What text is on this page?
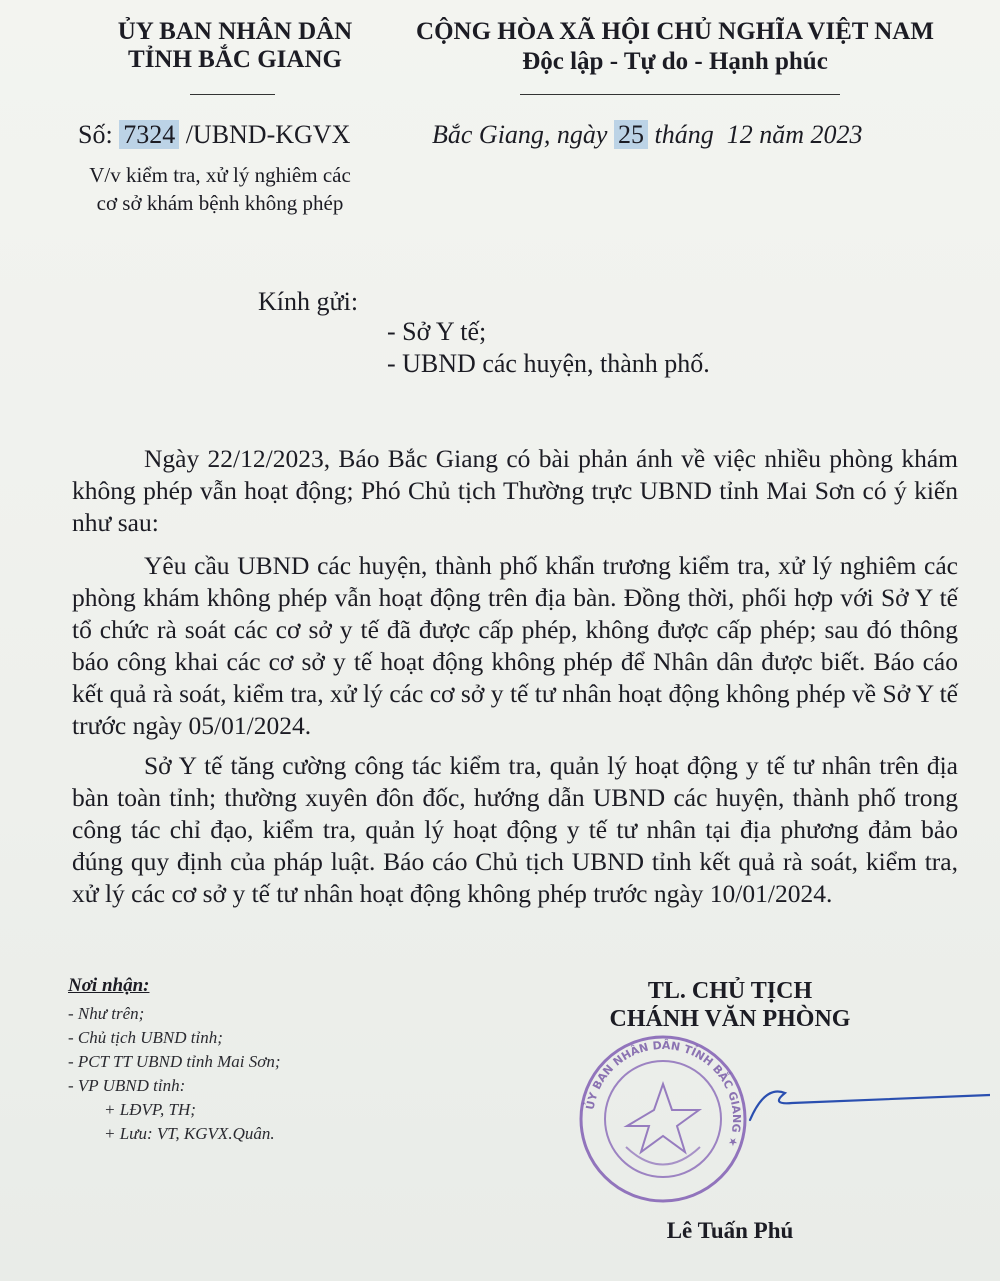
ỦY BAN NHÂN DÂN
TỈNH BẮC GIANG
CỘNG HÒA XÃ HỘI CHỦ NGHĨA VIỆT NAM
Độc lập - Tự do - Hạnh phúc
Số: 7324 /UBND-KGVX	Bắc Giang, ngày 25 tháng  12 năm 2023
V/v kiểm tra, xử lý nghiêm các
cơ sở khám bệnh không phép
Kính gửi:
- Sở Y tế;
- UBND các huyện, thành phố.

Ngày 22/12/2023, Báo Bắc Giang có bài phản ánh về việc nhiều phòng khám không phép vẫn hoạt động; Phó Chủ tịch Thường trực UBND tỉnh Mai Sơn có ý kiến như sau:

Yêu cầu UBND các huyện, thành phố khẩn trương kiểm tra, xử lý nghiêm các phòng khám không phép vẫn hoạt động trên địa bàn. Đồng thời, phối hợp với Sở Y tế tổ chức rà soát các cơ sở y tế đã được cấp phép, không được cấp phép; sau đó thông báo công khai các cơ sở y tế hoạt động không phép để Nhân dân được biết. Báo cáo kết quả rà soát, kiểm tra, xử lý các cơ sở y tế tư nhân hoạt động không phép về Sở Y tế trước ngày 05/01/2024.

Sở Y tế tăng cường công tác kiểm tra, quản lý hoạt động y tế tư nhân trên địa bàn toàn tỉnh; thường xuyên đôn đốc, hướng dẫn UBND các huyện, thành phố trong công tác chỉ đạo, kiểm tra, quản lý hoạt động y tế tư nhân tại địa phương đảm bảo đúng quy định của pháp luật. Báo cáo Chủ tịch UBND tỉnh kết quả rà soát, kiểm tra, xử lý các cơ sở y tế tư nhân hoạt động không phép trước ngày 10/01/2024.

Nơi nhận:
- Như trên;
- Chủ tịch UBND tỉnh;
- PCT TT UBND tỉnh Mai Sơn;
- VP UBND tỉnh:
+ LĐVP, TH;
+ Lưu: VT, KGVX.Quân.
TL. CHỦ TỊCH
CHÁNH VĂN PHÒNG
ỦY BAN NHÂN DÂN TỈNH BẮC GIANG ★
Lê Tuấn Phú
